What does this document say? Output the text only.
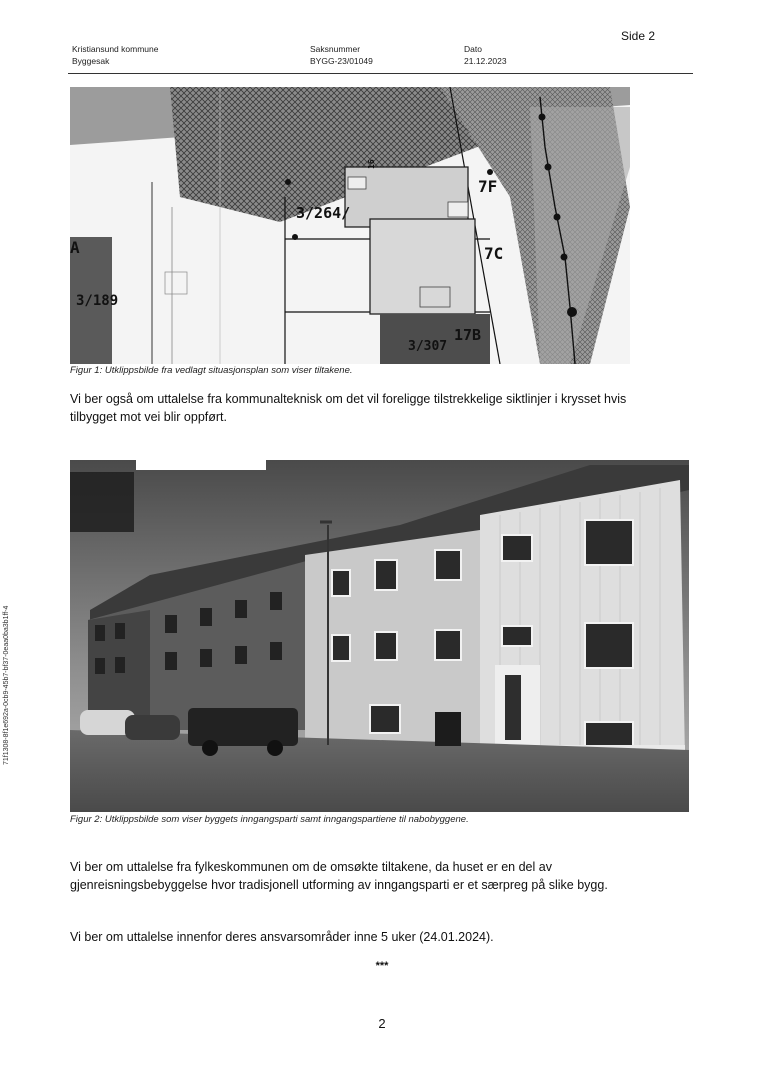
Side 2
Kristiansund kommune
Byggesak
Saksnummer
BYGG-23/01049
Dato
21.12.2023
71f1308-8f1e692a-0cb9-45b7-bf37-0eaa0ba3b1ff-4
3/264/
3/189
3/307
17B
7C
7F
A
16
Figur 1: Utklippsbilde fra vedlagt situasjonsplan som viser tiltakene.
Vi ber også om uttalelse fra kommunalteknisk om det vil foreligge tilstrekkelige siktlinjer i krysset hvis tilbygget mot vei blir oppført.
Figur 2: Utklippsbilde som viser byggets inngangsparti samt inngangspartiene til nabobyggene.
Vi ber om uttalelse fra fylkeskommunen om de omsøkte tiltakene, da huset er en del av gjenreisningsbebyggelse hvor tradisjonell utforming av inngangsparti er et særpreg på slike bygg.
Vi ber om uttalelse innenfor deres ansvarsområder inne 5 uker (24.01.2024).
***
2
